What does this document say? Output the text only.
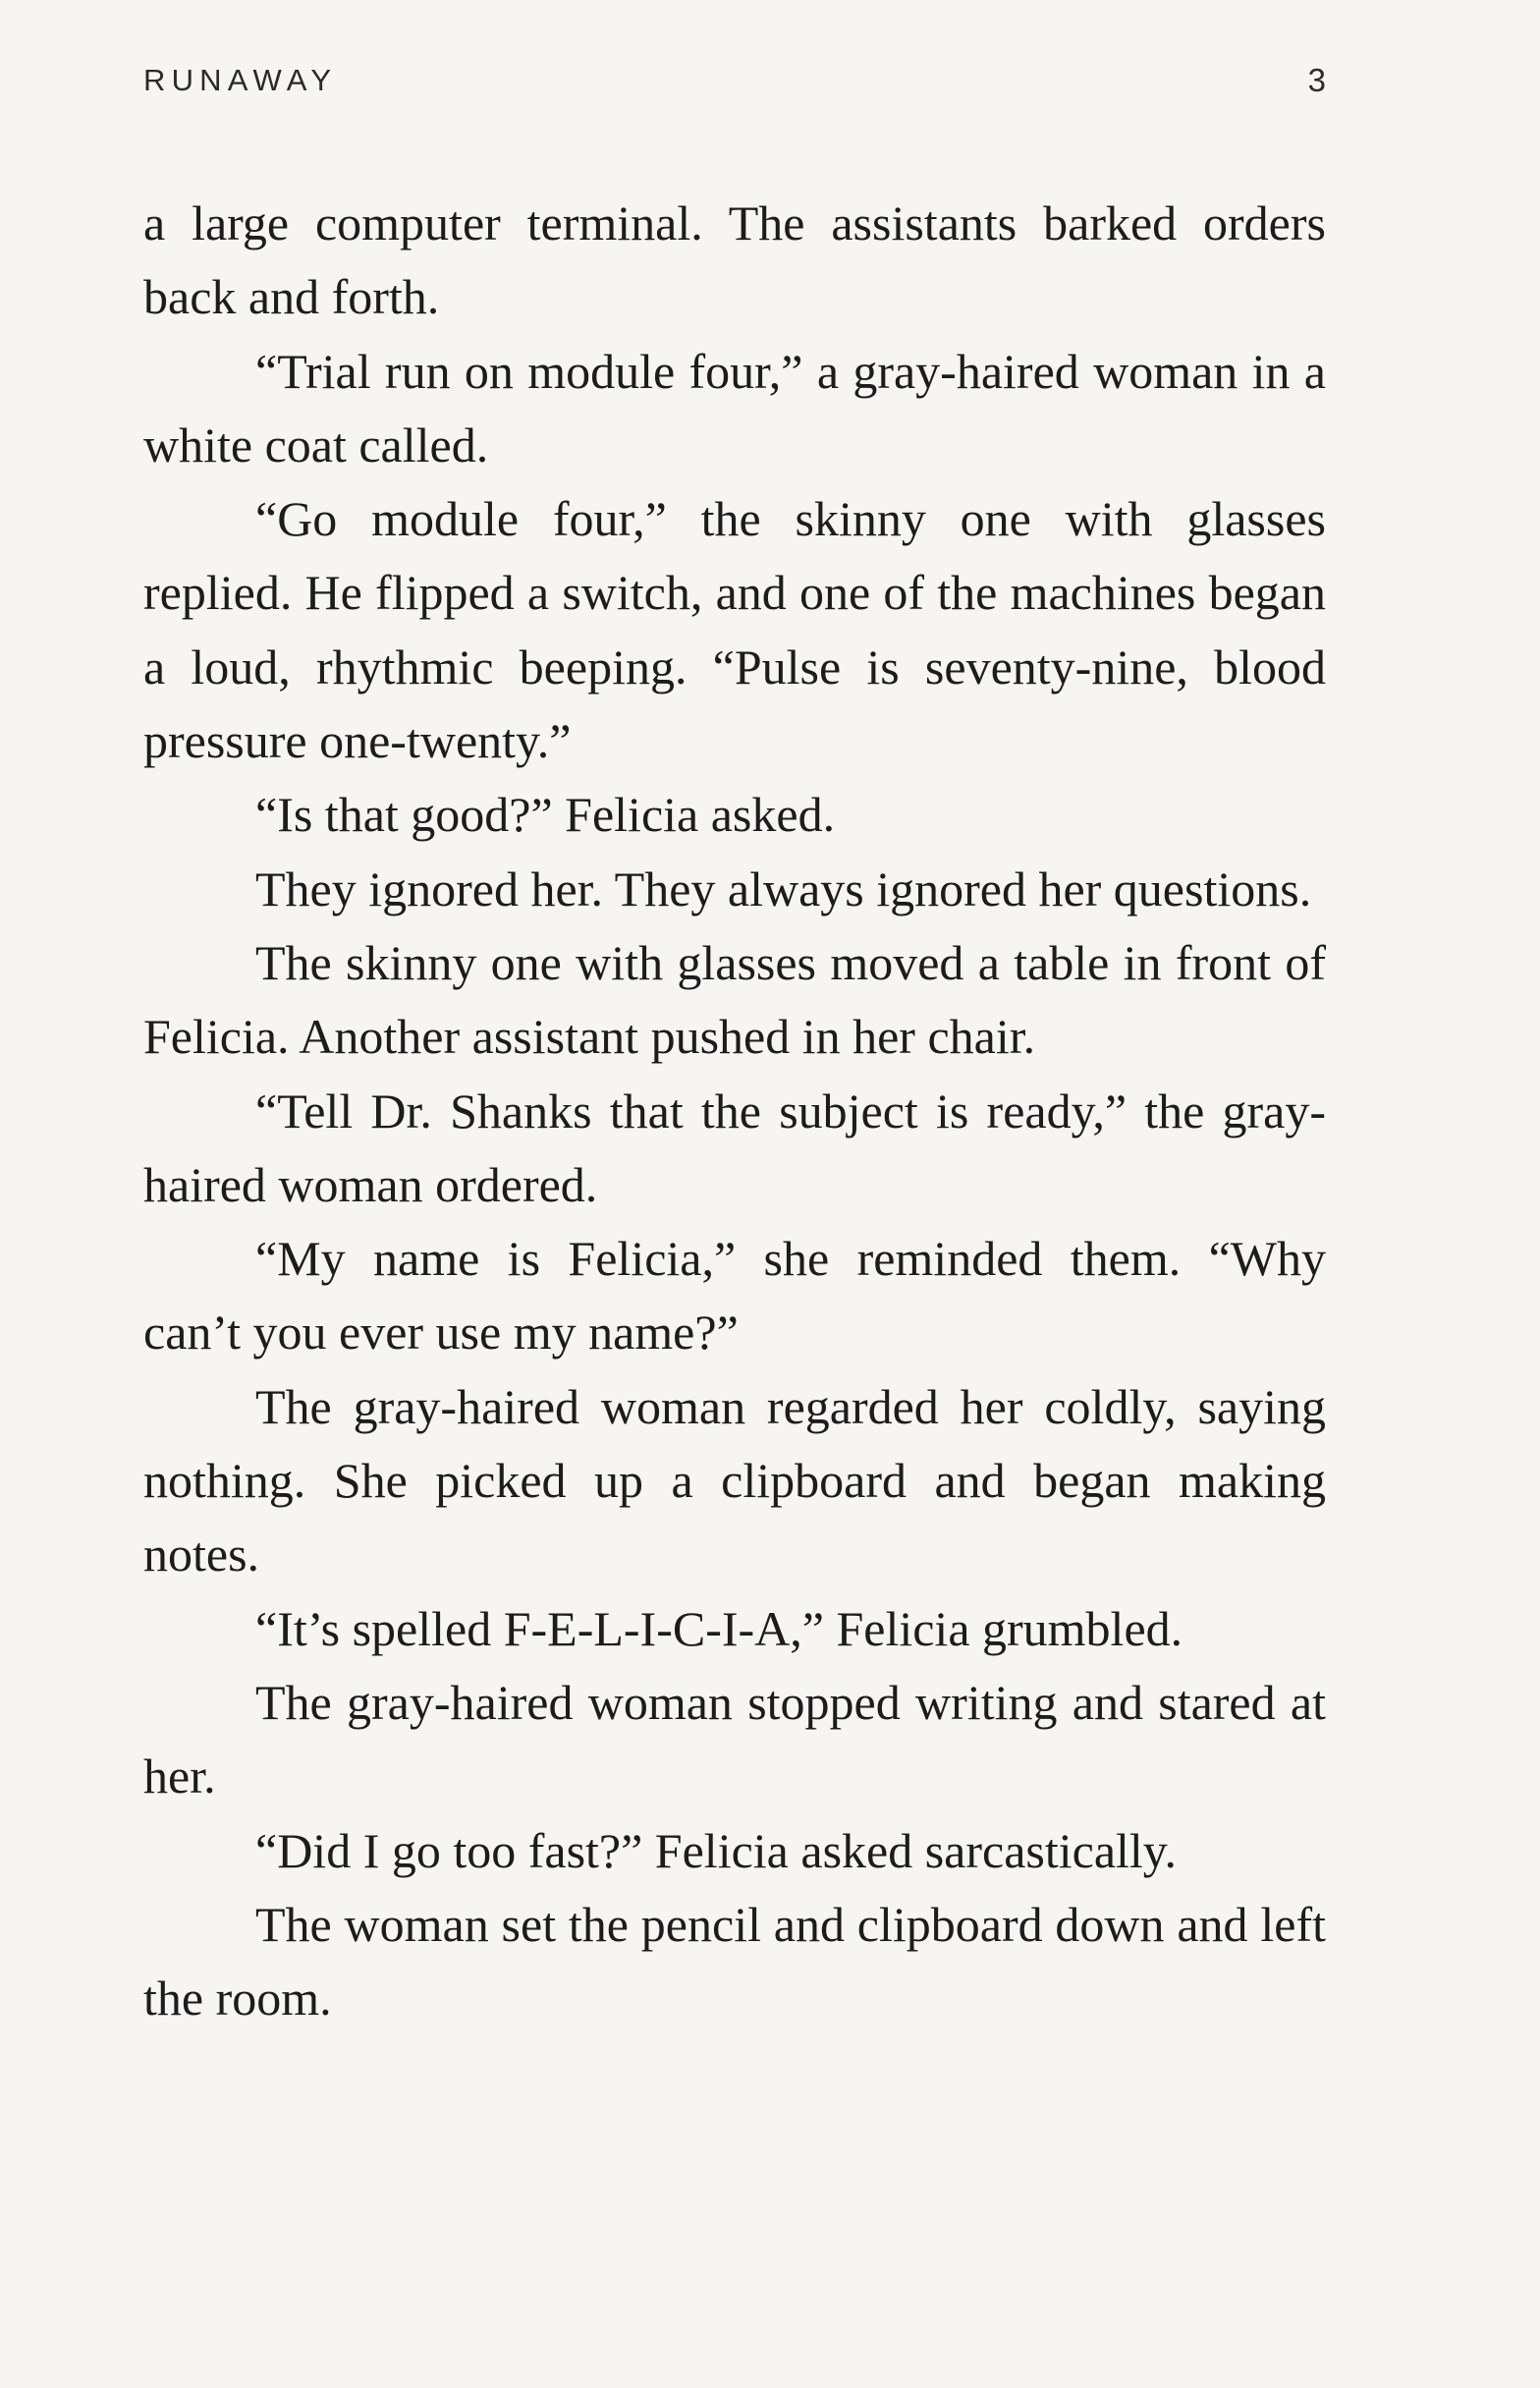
RUNAWAY	3

a large computer terminal. The assistants barked orders back and forth.

“Trial run on module four,” a gray-haired woman in a white coat called.

“Go module four,” the skinny one with glasses replied. He flipped a switch, and one of the machines began a loud, rhythmic beeping. “Pulse is seventy-nine, blood pressure one-twenty.”

“Is that good?” Felicia asked.

They ignored her. They always ignored her questions.

The skinny one with glasses moved a table in front of Felicia. Another assistant pushed in her chair.

“Tell Dr. Shanks that the subject is ready,” the gray-haired woman ordered.

“My name is Felicia,” she reminded them. “Why can’t you ever use my name?”

The gray-haired woman regarded her coldly, saying nothing. She picked up a clipboard and began making notes.

“It’s spelled F-E-L-I-C-I-A,” Felicia grumbled.

The gray-haired woman stopped writing and stared at her.

“Did I go too fast?” Felicia asked sarcastically.

The woman set the pencil and clipboard down and left the room.
